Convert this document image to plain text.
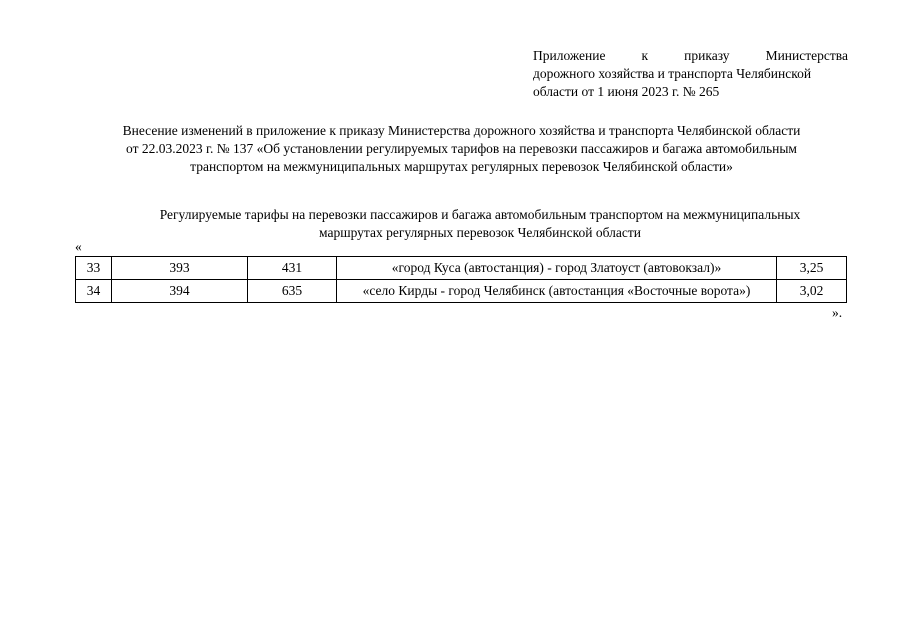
Приложение	к	приказу	Министерства
дорожного хозяйства и транспорта Челябинской
области от 1 июня 2023 г. № 265
Внесение изменений в приложение к приказу Министерства дорожного хозяйства и транспорта Челябинской области
от 22.03.2023 г. № 137 «Об установлении регулируемых тарифов на перевозки пассажиров и багажа автомобильным
транспортом на межмуниципальных маршрутах регулярных перевозок Челябинской области»
Регулируемые тарифы на перевозки пассажиров и багажа автомобильным транспортом на межмуниципальных
маршрутах регулярных перевозок Челябинской области
«
33	393	431	«город Куса (автостанция) - город Златоуст (автовокзал)»	3,25
34	394	635	«село Кирды - город Челябинск (автостанция «Восточные ворота»)	3,02
».
